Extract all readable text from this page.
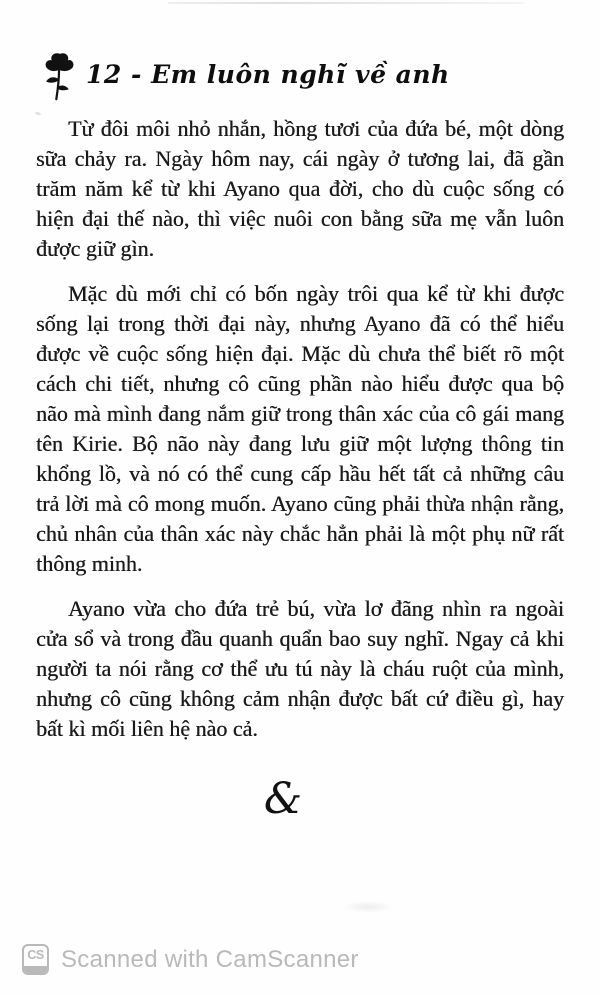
12 - Em luôn nghĩ về anh

Từ đôi môi nhỏ nhắn, hồng tươi của đứa bé, một dòng sữa chảy ra. Ngày hôm nay, cái ngày ở tương lai, đã gần trăm năm kể từ khi Ayano qua đời, cho dù cuộc sống có hiện đại thế nào, thì việc nuôi con bằng sữa mẹ vẫn luôn được giữ gìn.

Mặc dù mới chỉ có bốn ngày trôi qua kể từ khi được sống lại trong thời đại này, nhưng Ayano đã có thể hiểu được về cuộc sống hiện đại. Mặc dù chưa thể biết rõ một cách chi tiết, nhưng cô cũng phần nào hiểu được qua bộ não mà mình đang nắm giữ trong thân xác của cô gái mang tên Kirie. Bộ não này đang lưu giữ một lượng thông tin khổng lồ, và nó có thể cung cấp hầu hết tất cả những câu trả lời mà cô mong muốn. Ayano cũng phải thừa nhận rằng, chủ nhân của thân xác này chắc hẳn phải là một phụ nữ rất thông minh.

Ayano vừa cho đứa trẻ bú, vừa lơ đãng nhìn ra ngoài cửa sổ và trong đầu quanh quẩn bao suy nghĩ. Ngay cả khi người ta nói rằng cơ thể ưu tú này là cháu ruột của mình, nhưng cô cũng không cảm nhận được bất cứ điều gì, hay bất kì mối liên hệ nào cả.

&
CS Scanned with CamScanner
